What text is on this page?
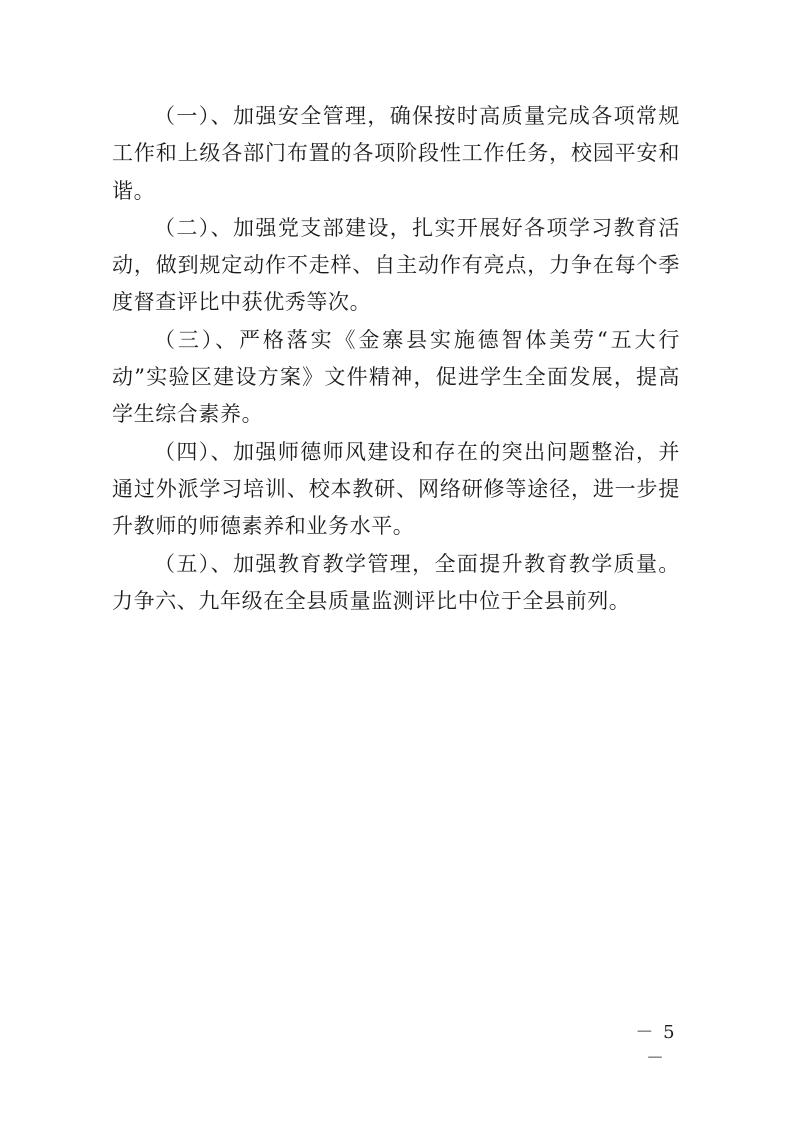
（一）、加强安全管理，确保按时高质量完成各项常规工作和上级各部门布置的各项阶段性工作任务，校园平安和谐。

（二）、加强党支部建设，扎实开展好各项学习教育活动，做到规定动作不走样、自主动作有亮点，力争在每个季度督查评比中获优秀等次。

（三）、严格落实《金寨县实施德智体美劳“五大行动”实验区建设方案》文件精神，促进学生全面发展，提高学生综合素养。

（四）、加强师德师风建设和存在的突出问题整治，并通过外派学习培训、校本教研、网络研修等途径，进一步提升教师的师德素养和业务水平。

（五）、加强教育教学管理，全面提升教育教学质量。力争六、九年级在全县质量监测评比中位于全县前列。

－ 5 －
